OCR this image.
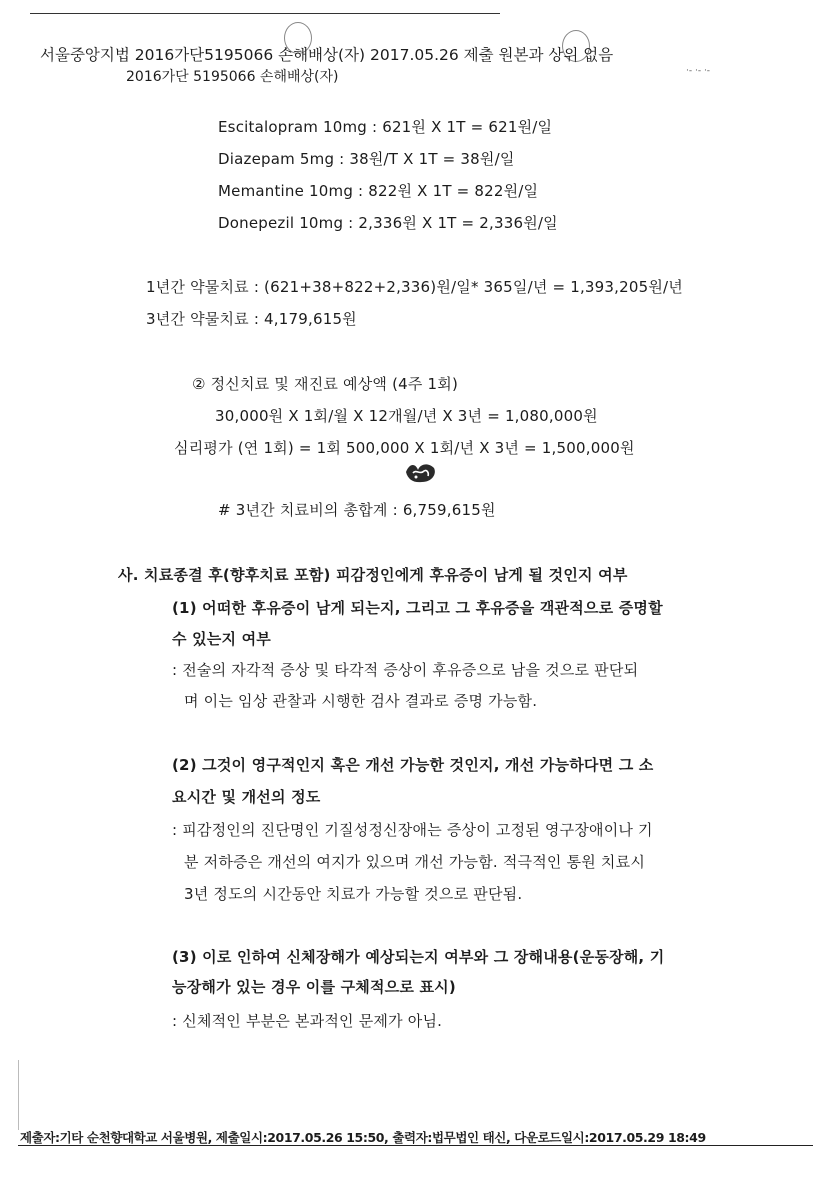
서울중앙지법 2016가단5195066 손해배상(자) 2017.05.26 제출 원본과 상위 없음
2016가단 5195066 손해배상(자)	·- ·- ·-
Escitalopram 10mg : 621원 X 1T = 621원/일
Diazepam 5mg : 38원/T X 1T = 38원/일
Memantine 10mg : 822원 X 1T = 822원/일
Donepezil 10mg : 2,336원 X 1T = 2,336원/일
1년간 약물치료 : (621+38+822+2,336)원/일* 365일/년 = 1,393,205원/년
3년간 약물치료 : 4,179,615원
② 정신치료 및 재진료 예상액 (4주 1회)
30,000원 X 1회/월 X 12개월/년 X 3년 = 1,080,000원
심리평가 (연 1회) = 1회 500,000 X 1회/년 X 3년 = 1,500,000원
# 3년간 치료비의 총합계 : 6,759,615원
사. 치료종결 후(향후치료 포함) 피감정인에게 후유증이 남게 될 것인지 여부
(1) 어떠한 후유증이 남게 되는지, 그리고 그 후유증을 객관적으로 증명할
수 있는지 여부
: 전술의 자각적 증상 및 타각적 증상이 후유증으로 남을 것으로 판단되
며 이는 임상 관찰과 시행한 검사 결과로 증명 가능함.
(2) 그것이 영구적인지 혹은 개선 가능한 것인지, 개선 가능하다면 그 소
요시간 및 개선의 정도
: 피감정인의 진단명인 기질성정신장애는 증상이 고정된 영구장애이나 기
분 저하증은 개선의 여지가 있으며 개선 가능함. 적극적인 통원 치료시
3년 정도의 시간동안 치료가 가능할 것으로 판단됨.
(3) 이로 인하여 신체장해가 예상되는지 여부와 그 장해내용(운동장해, 기
능장해가 있는 경우 이를 구체적으로 표시)
: 신체적인 부분은 본과적인 문제가 아님.
제출자:기타 순천향대학교 서울병원, 제출일시:2017.05.26 15:50, 출력자:법무법인 태신, 다운로드일시:2017.05.29 18:49
